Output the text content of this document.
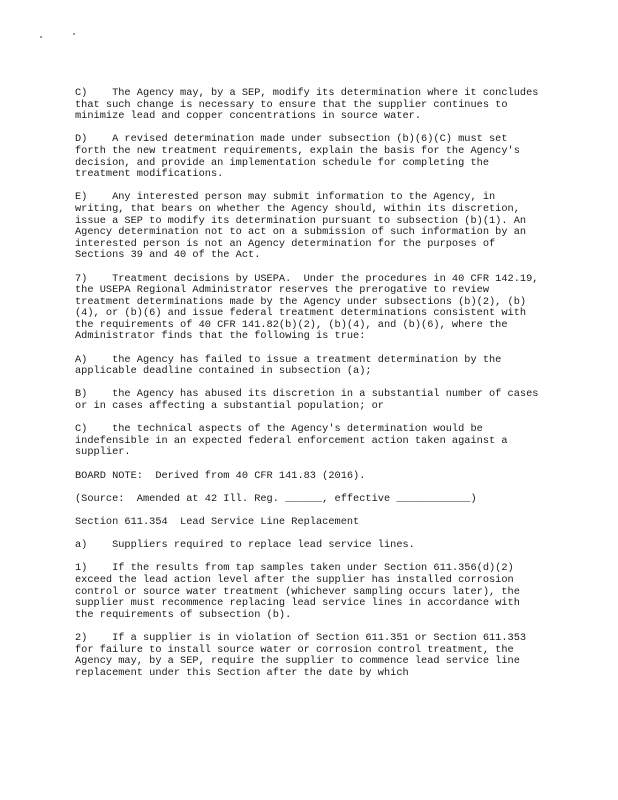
C)    The Agency may, by a SEP, modify its determination where it concludes that such change is necessary to ensure that the supplier continues to minimize lead and copper concentrations in source water.

D)    A revised determination made under subsection (b)(6)(C) must set forth the new treatment requirements, explain the basis for the Agency's decision, and provide an implementation schedule for completing the treatment modifications.

E)    Any interested person may submit information to the Agency, in writing, that bears on whether the Agency should, within its discretion, issue a SEP to modify its determination pursuant to subsection (b)(1). An Agency determination not to act on a submission of such information by an interested person is not an Agency determination for the purposes of Sections 39 and 40 of the Act.

7)    Treatment decisions by USEPA.  Under the procedures in 40 CFR 142.19, the USEPA Regional Administrator reserves the prerogative to review treatment determinations made by the Agency under subsections (b)(2), (b)(4), or (b)(6) and issue federal treatment determinations consistent with the requirements of 40 CFR 141.82(b)(2), (b)(4), and (b)(6), where the Administrator finds that the following is true:

A)    the Agency has failed to issue a treatment determination by the applicable deadline contained in subsection (a);

B)    the Agency has abused its discretion in a substantial number of cases or in cases affecting a substantial population; or

C)    the technical aspects of the Agency's determination would be indefensible in an expected federal enforcement action taken against a supplier.

BOARD NOTE:  Derived from 40 CFR 141.83 (2016).

(Source:  Amended at 42 Ill. Reg. ______, effective ____________)

Section 611.354  Lead Service Line Replacement

a)    Suppliers required to replace lead service lines.

1)    If the results from tap samples taken under Section 611.356(d)(2) exceed the lead action level after the supplier has installed corrosion control or source water treatment (whichever sampling occurs later), the supplier must recommence replacing lead service lines in accordance with the requirements of subsection (b).

2)    If a supplier is in violation of Section 611.351 or Section 611.353 for failure to install source water or corrosion control treatment, the Agency may, by a SEP, require the supplier to commence lead service line replacement under this Section after the date by which
